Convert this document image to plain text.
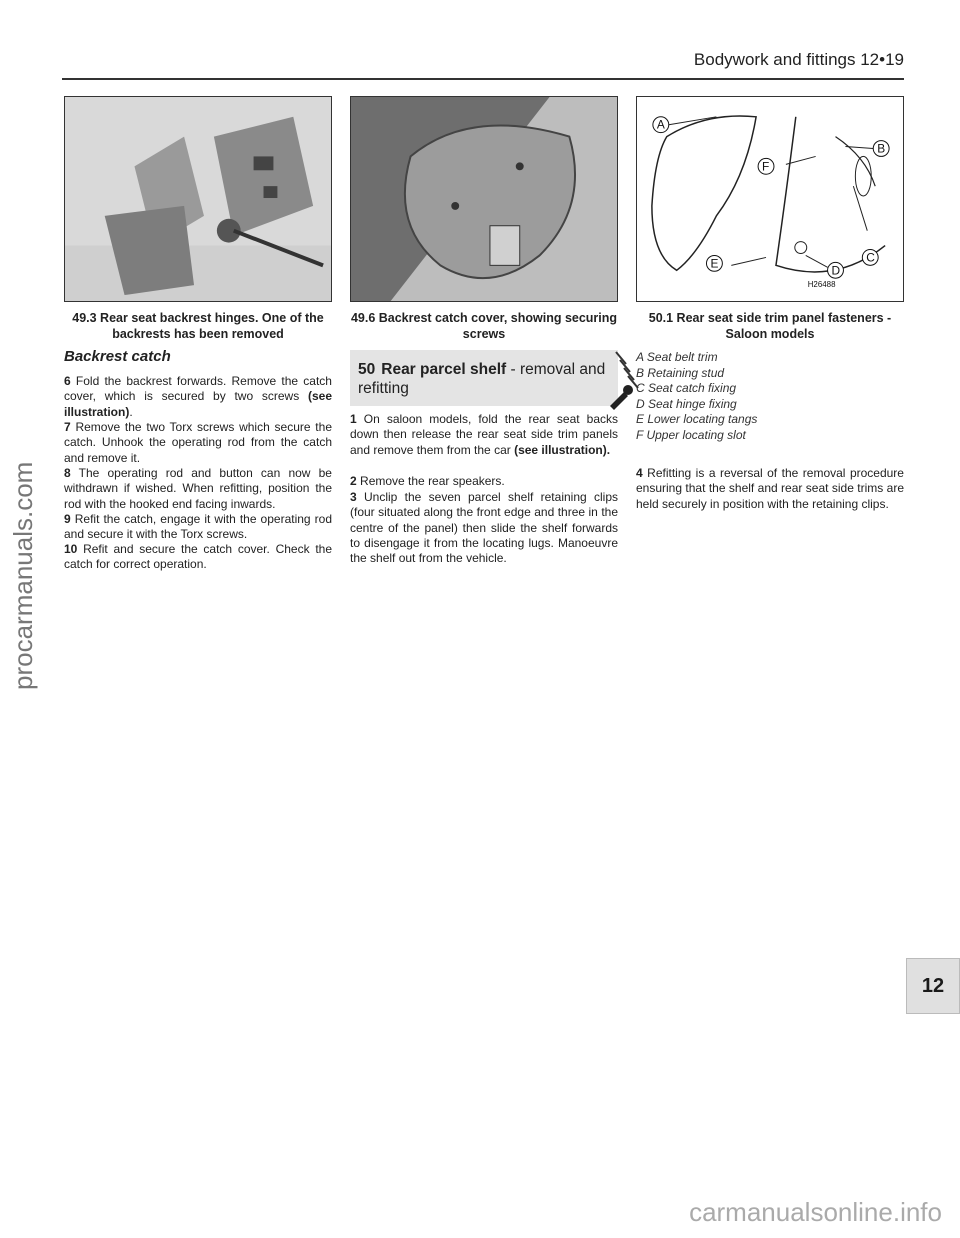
Bodywork and fittings 12•19
A
B
C
D
E
F
H26488
49.3 Rear seat backrest hinges. One of the backrests has been removed
49.6 Backrest catch cover, showing securing screws
50.1 Rear seat side trim panel fasteners - Saloon models
Backrest catch
6 Fold the backrest forwards. Remove the catch cover, which is secured by two screws (see illustration).
7 Remove the two Torx screws which secure the catch. Unhook the operating rod from the catch and remove it.
8 The operating rod and button can now be withdrawn if wished. When refitting, position the rod with the hooked end facing inwards.
9 Refit the catch, engage it with the operating rod and secure it with the Torx screws.
10 Refit and secure the catch cover. Check the catch for correct operation.
50 Rear parcel shelf - removal and refitting
1 On saloon models, fold the rear seat backs down then release the rear seat side trim panels and remove them from the car (see illustration).
2 Remove the rear speakers.
3 Unclip the seven parcel shelf retaining clips (four situated along the front edge and three in the centre of the panel) then slide the shelf forwards to disengage it from the locating lugs. Manoeuvre the shelf out from the vehicle.
A Seat belt trim
B Retaining stud
C Seat catch fixing
D Seat hinge fixing
E Lower locating tangs
F Upper locating slot
4 Refitting is a reversal of the removal procedure ensuring that the shelf and rear seat side trims are held securely in position with the retaining clips.
procarmanuals.com
12
carmanualsonline.info
